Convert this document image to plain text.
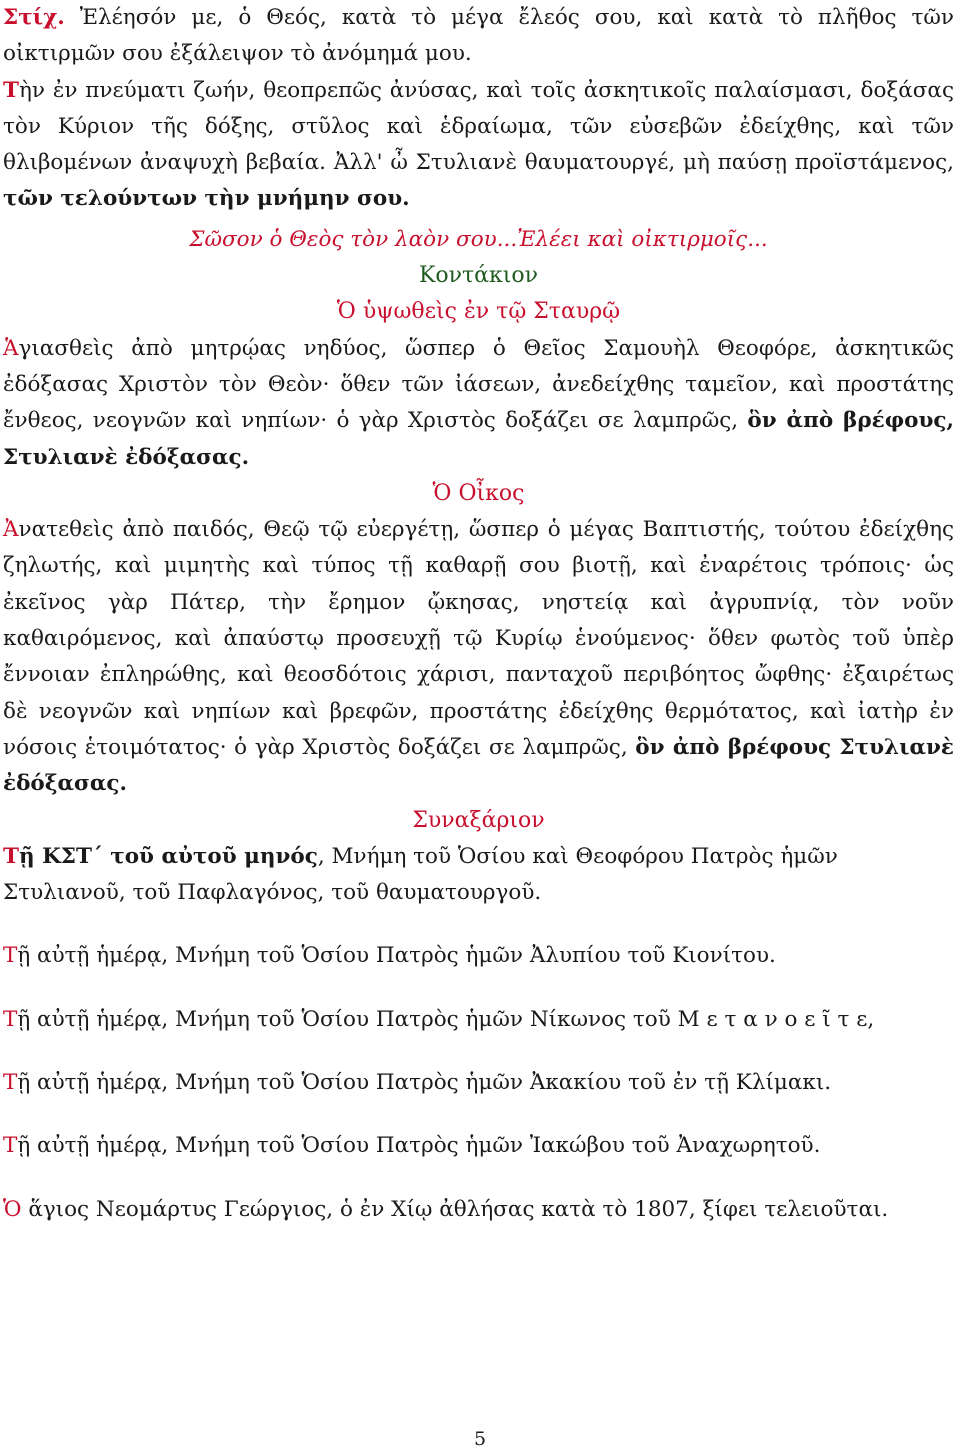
Στίχ. Ἐλέησόν με, ὁ Θεός, κατὰ τὸ μέγα ἔλεός σου, καὶ κατὰ τὸ πλῆθος τῶν οἰκτιρμῶν σου ἐξάλειψον τὸ ἀνόμημά μου.

Τὴν ἐν πνεύματι ζωήν, θεοπρεπῶς ἀνύσας, καὶ τοῖς ἀσκητικοῖς παλαίσμασι, δοξάσας τὸν Κύριον τῆς δόξης, στῦλος καὶ ἑδραίωμα, τῶν εὐσεβῶν ἐδείχθης, καὶ τῶν θλιβομένων ἀναψυχὴ βεβαία. Ἀλλ' ὦ Στυλιανὲ θαυματουργέ, μὴ παύσῃ προϊστάμενος, τῶν τελούντων τὴν μνήμην σου.

Σῶσον ὁ Θεὸς τὸν λαὸν σου...Ἐλέει καὶ οἰκτιρμοῖς...

Κοντάκιον

Ὁ ὑψωθεὶς ἐν τῷ Σταυρῷ

Ἁγιασθεὶς ἀπὸ μητρῴας νηδύος, ὥσπερ ὁ Θεῖος Σαμουὴλ Θεοφόρε, ἀσκητικῶς ἐδόξασας Χριστὸν τὸν Θεὸν· ὅθεν τῶν ἰάσεων, ἀνεδείχθης ταμεῖον, καὶ προστάτης ἔνθεος, νεογνῶν καὶ νηπίων· ὁ γὰρ Χριστὸς δοξάζει σε λαμπρῶς, ὃν ἀπὸ βρέφους, Στυλιανὲ ἐδόξασας.

Ὁ Οἶκος

Ἀνατεθεὶς ἀπὸ παιδός, Θεῷ τῷ εὐεργέτῃ, ὥσπερ ὁ μέγας Βαπτιστής, τούτου ἐδείχθης ζηλωτής, καὶ μιμητὴς καὶ τύπος τῇ καθαρῇ σου βιοτῇ, καὶ ἐναρέτοις τρόποις· ὡς ἐκεῖνος γὰρ Πάτερ, τὴν ἔρημον ᾤκησας, νηστείᾳ καὶ ἀγρυπνίᾳ, τὸν νοῦν καθαιρόμενος, καὶ ἀπαύστῳ προσευχῇ τῷ Κυρίῳ ἑνούμενος· ὅθεν φωτὸς τοῦ ὑπὲρ ἔννοιαν ἐπληρώθης, καὶ θεοσδότοις χάρισι, πανταχοῦ περιβόητος ὤφθης· ἐξαιρέτως δὲ νεογνῶν καὶ νηπίων καὶ βρεφῶν, προστάτης ἐδείχθης θερμότατος, καὶ ἰατὴρ ἐν νόσοις ἑτοιμότατος· ὁ γὰρ Χριστὸς δοξάζει σε λαμπρῶς, ὃν ἀπὸ βρέφους Στυλιανὲ ἐδόξασας.

Συναξάριον

Τῇ ΚΣΤ΄ τοῦ αὐτοῦ μηνός, Μνήμη τοῦ Ὁσίου καὶ Θεοφόρου Πατρὸς ἡμῶν Στυλιανοῦ, τοῦ Παφλαγόνος, τοῦ θαυματουργοῦ.

Τῇ αὐτῇ ἡμέρᾳ, Μνήμη τοῦ Ὁσίου Πατρὸς ἡμῶν Ἀλυπίου τοῦ Κιονίτου.

Τῇ αὐτῇ ἡμέρᾳ, Μνήμη τοῦ Ὁσίου Πατρὸς ἡμῶν Νίκωνος τοῦ Μ ε τ α ν ο ε ῖ τ ε,

Τῇ αὐτῇ ἡμέρᾳ, Μνήμη τοῦ Ὁσίου Πατρὸς ἡμῶν Ἀκακίου τοῦ ἐν τῇ Κλίμακι.

Τῇ αὐτῇ ἡμέρᾳ, Μνήμη τοῦ Ὁσίου Πατρὸς ἡμῶν Ἰακώβου τοῦ Ἀναχωρητοῦ.

Ὁ ἅγιος Νεομάρτυς Γεώργιος, ὁ ἐν Χίῳ ἀθλήσας κατὰ τὸ 1807, ξίφει τελειοῦται.

5
